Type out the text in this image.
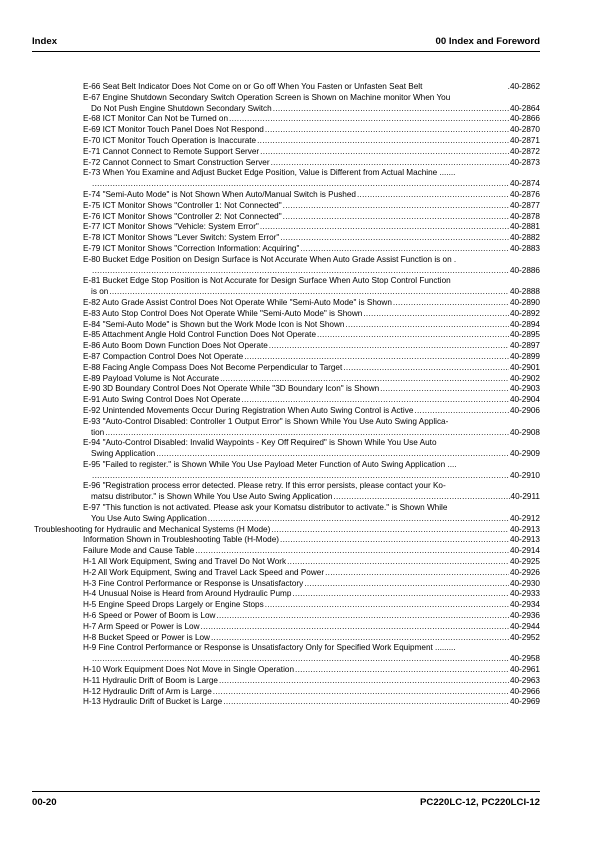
Index	00 Index and Foreword
E-66 Seat Belt Indicator Does Not Come on or Go off When You Fasten or Unfasten Seat Belt	.40-2862
E-67 Engine Shutdown Secondary Switch Operation Screen is Shown on Machine monitor When You
Do Not Push Engine Shutdown Secondary Switch .....	40-2864
E-68 ICT Monitor Can Not be Turned on .....	40-2866
E-69 ICT Monitor Touch Panel Does Not Respond .....	40-2870
E-70 ICT Monitor Touch Operation is Inaccurate .....	40-2871
E-71 Cannot Connect to Remote Support Server .....	40-2872
E-72 Cannot Connect to Smart Construction Server .....	40-2873
E-73 When You Examine and Adjust Bucket Edge Position, Value is Different from Actual Machine .......
.....
40-2874
E-74 "Semi-Auto Mode" is Not Shown When Auto/Manual Switch is Pushed .....	40-2876
E-75 ICT Monitor Shows "Controller 1: Not Connected" .....	40-2877
E-76 ICT Monitor Shows "Controller 2: Not Connected" .....	40-2878
E-77 ICT Monitor Shows "Vehicle: System Error" .....	40-2881
E-78 ICT Monitor Shows "Lever Switch: System Error" .....	40-2882
E-79 ICT Monitor Shows "Correction Information: Acquiring" .....	40-2883
E-80 Bucket Edge Position on Design Surface is Not Accurate When Auto Grade Assist Function is on .
.....
40-2886
E-81 Bucket Edge Stop Position is Not Accurate for Design Surface When Auto Stop Control Function
is on .....	40-2888
E-82 Auto Grade Assist Control Does Not Operate While "Semi-Auto Mode" is Shown .....	40-2890
E-83 Auto Stop Control Does Not Operate While "Semi-Auto Mode" is Shown .....	40-2892
E-84 "Semi-Auto Mode" is Shown but the Work Mode Icon is Not Shown .....	40-2894
E-85 Attachment Angle Hold Control Function Does Not Operate .....	40-2895
E-86 Auto Boom Down Function Does Not Operate .....	40-2897
E-87 Compaction Control Does Not Operate .....	40-2899
E-88 Facing Angle Compass Does Not Become Perpendicular to Target .....	40-2901
E-89 Payload Volume is Not Accurate .....	40-2902
E-90 3D Boundary Control Does Not Operate While "3D Boundary Icon" is Shown .....	40-2903
E-91 Auto Swing Control Does Not Operate .....	40-2904
E-92 Unintended Movements Occur During Registration When Auto Swing Control is Active .....	40-2906
E-93 "Auto-Control Disabled: Controller 1 Output Error" is Shown While You Use Auto Swing Applica-
tion .....	40-2908
E-94 "Auto-Control Disabled: Invalid Waypoints - Key Off Required" is Shown While You Use Auto
Swing Application .....	40-2909
E-95 "Failed to register." is Shown While You Use Payload Meter Function of Auto Swing Application ....
.....
40-2910
E-96 "Registration process error detected. Please retry. If this error persists, please contact your Ko-
matsu distributor." is Shown While You Use Auto Swing Application .....	40-2911
E-97 "This function is not activated. Please ask your Komatsu distributor to activate." is Shown While
You Use Auto Swing Application .....	40-2912
Troubleshooting for Hydraulic and Mechanical Systems (H Mode) .....	40-2913
Information Shown in Troubleshooting Table (H-Mode) .....	40-2913
Failure Mode and Cause Table .....	40-2914
H-1 All Work Equipment, Swing and Travel Do Not Work .....	40-2925
H-2 All Work Equipment, Swing and Travel Lack Speed and Power .....	40-2926
H-3 Fine Control Performance or Response is Unsatisfactory .....	40-2930
H-4 Unusual Noise is Heard from Around Hydraulic Pump .....	40-2933
H-5 Engine Speed Drops Largely or Engine Stops .....	40-2934
H-6 Speed or Power of Boom is Low .....	40-2936
H-7 Arm Speed or Power is Low .....	40-2944
H-8 Bucket Speed or Power is Low .....	40-2952
H-9 Fine Control Performance or Response is Unsatisfactory Only for Specified Work Equipment .........
.....
40-2958
H-10 Work Equipment Does Not Move in Single Operation .....	40-2961
H-11 Hydraulic Drift of Boom is Large .....	40-2963
H-12 Hydraulic Drift of Arm is Large .....	40-2966
H-13 Hydraulic Drift of Bucket is Large .....	40-2969
00-20	PC220LC-12, PC220LCI-12
